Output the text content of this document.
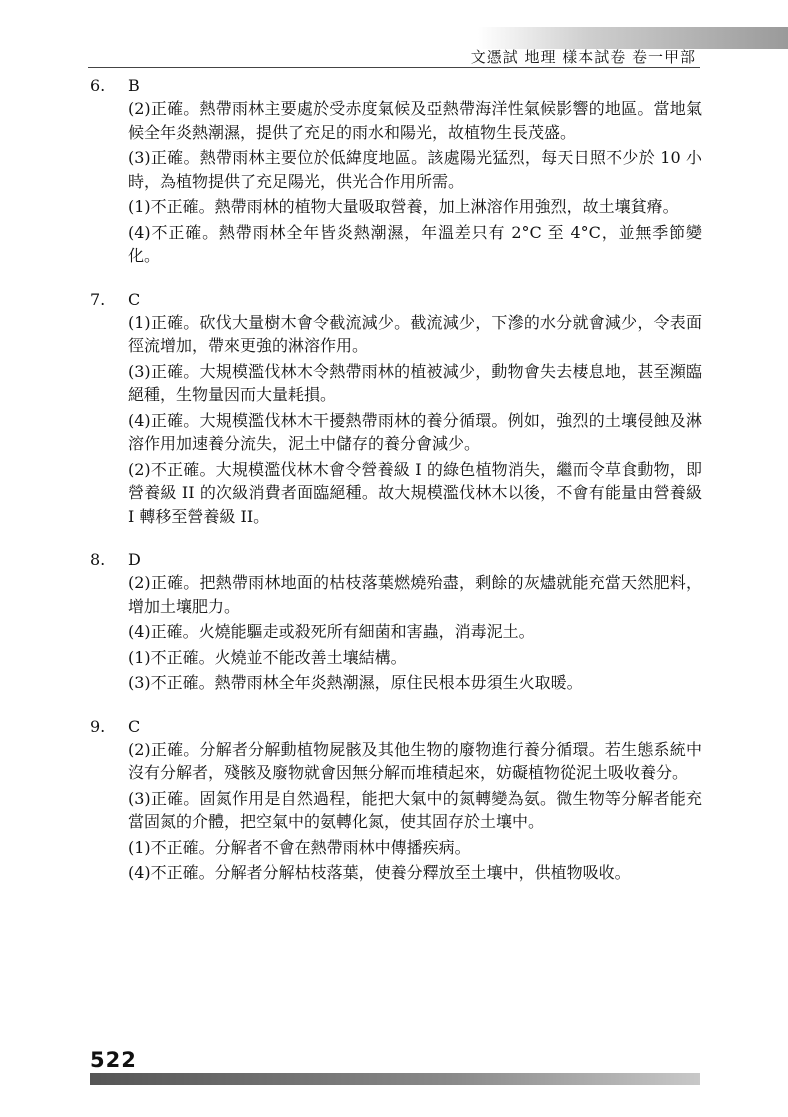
文憑試 地理 樣本試卷 卷一甲部
6.	B
(2)正確。熱帶雨林主要處於受赤度氣候及亞熱帶海洋性氣候影響的地區。當地氣候全年炎熱潮濕，提供了充足的雨水和陽光，故植物生長茂盛。
(3)正確。熱帶雨林主要位於低緯度地區。該處陽光猛烈，每天日照不少於 10 小時，為植物提供了充足陽光，供光合作用所需。
(1)不正確。熱帶雨林的植物大量吸取營養，加上淋溶作用強烈，故土壤貧瘠。
(4)不正確。熱帶雨林全年皆炎熱潮濕，年溫差只有 2°C 至 4°C，並無季節變化。
7.	C
(1)正確。砍伐大量樹木會令截流減少。截流減少，下滲的水分就會減少，令表面徑流增加，帶來更強的淋溶作用。
(3)正確。大規模濫伐林木令熱帶雨林的植被減少，動物會失去棲息地，甚至瀕臨絕種，生物量因而大量耗損。
(4)正確。大規模濫伐林木干擾熱帶雨林的養分循環。例如，強烈的土壤侵蝕及淋溶作用加速養分流失，泥土中儲存的養分會減少。
(2)不正確。大規模濫伐林木會令營養級 I 的綠色植物消失，繼而令草食動物，即營養級 II 的次級消費者面臨絕種。故大規模濫伐林木以後，不會有能量由營養級 I 轉移至營養級 II。
8.	D
(2)正確。把熱帶雨林地面的枯枝落葉燃燒殆盡，剩餘的灰燼就能充當天然肥料，增加土壤肥力。
(4)正確。火燒能驅走或殺死所有細菌和害蟲，消毒泥土。
(1)不正確。火燒並不能改善土壤結構。
(3)不正確。熱帶雨林全年炎熱潮濕，原住民根本毋須生火取暖。
9.	C
(2)正確。分解者分解動植物屍骸及其他生物的廢物進行養分循環。若生態系統中沒有分解者，殘骸及廢物就會因無分解而堆積起來，妨礙植物從泥土吸收養分。
(3)正確。固氮作用是自然過程，能把大氣中的氮轉變為氨。微生物等分解者能充當固氮的介體，把空氣中的氨轉化氮，使其固存於土壤中。
(1)不正確。分解者不會在熱帶雨林中傳播疾病。
(4)不正確。分解者分解枯枝落葉，使養分釋放至土壤中，供植物吸收。
522
